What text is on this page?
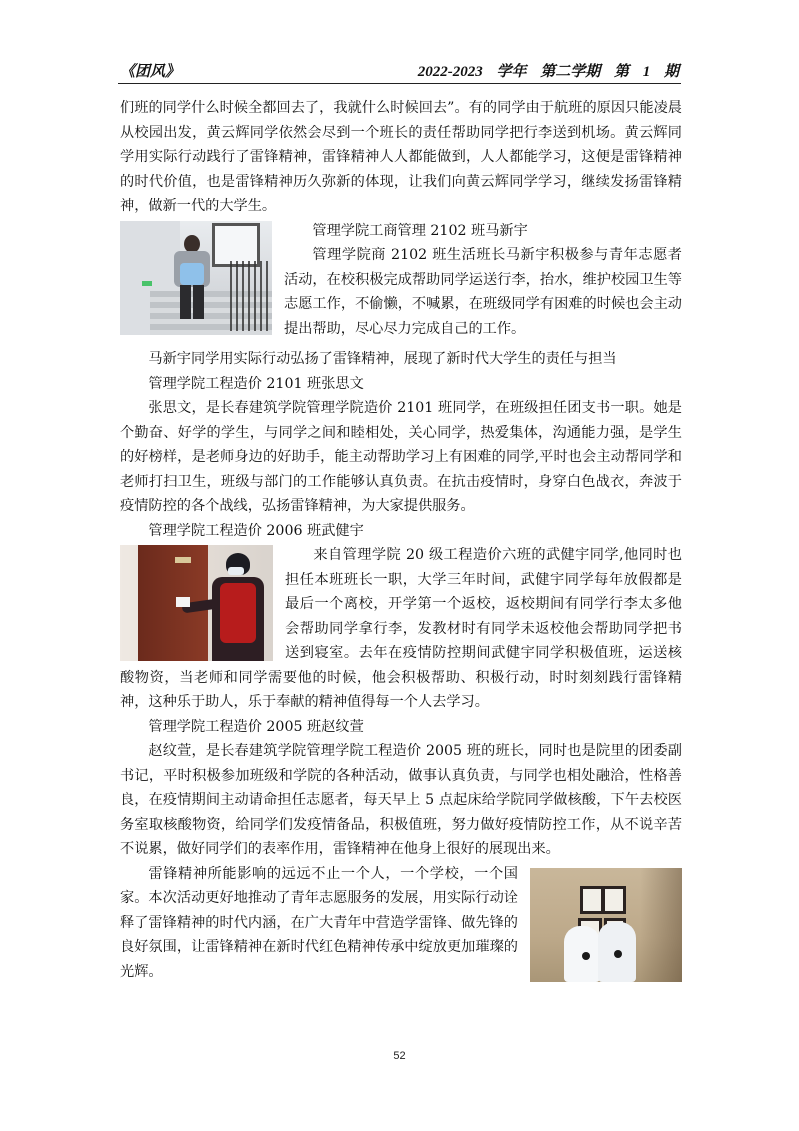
《团风》	2022-2023 学年 第二学期 第 1 期

们班的同学什么时候全都回去了，我就什么时候回去”。有的同学由于航班的原因只能凌晨从校园出发，黄云辉同学依然会尽到一个班长的责任帮助同学把行李送到机场。黄云辉同学用实际行动践行了雷锋精神，雷锋精神人人都能做到，人人都能学习，这便是雷锋精神的时代价值，也是雷锋精神历久弥新的体现，让我们向黄云辉同学学习，继续发扬雷锋精神，做新一代的大学生。

管理学院工商管理 2102 班马新宇

管理学院商 2102 班生活班长马新宇积极参与青年志愿者活动，在校积极完成帮助同学运送行李，抬水，维护校园卫生等志愿工作，不偷懒，不喊累，在班级同学有困难的时候也会主动提出帮助，尽心尽力完成自己的工作。

马新宇同学用实际行动弘扬了雷锋精神，展现了新时代大学生的责任与担当

管理学院工程造价 2101 班张思文

张思文，是长春建筑学院管理学院造价 2101 班同学，在班级担任团支书一职。她是个勤奋、好学的学生，与同学之间和睦相处，关心同学，热爱集体，沟通能力强，是学生的好榜样，是老师身边的好助手，能主动帮助学习上有困难的同学,平时也会主动帮同学和老师打扫卫生，班级与部门的工作能够认真负责。在抗击疫情时，身穿白色战衣，奔波于疫情防控的各个战线，弘扬雷锋精神，为大家提供服务。

管理学院工程造价 2006 班武健宇

来自管理学院 20 级工程造价六班的武健宇同学,他同时也担任本班班长一职，大学三年时间，武健宇同学每年放假都是最后一个离校，开学第一个返校，返校期间有同学行李太多他会帮助同学拿行李，发教材时有同学未返校他会帮助同学把书送到寝室。去年在疫情防控期间武健宇同学积极值班，运送核酸物资，当老师和同学需要他的时候，他会积极帮助、积极行动，时时刻刻践行雷锋精神，这种乐于助人，乐于奉献的精神值得每一个人去学习。

管理学院工程造价 2005 班赵纹萱

赵纹萱，是长春建筑学院管理学院工程造价 2005 班的班长，同时也是院里的团委副书记，平时积极参加班级和学院的各种活动，做事认真负责，与同学也相处融洽，性格善良，在疫情期间主动请命担任志愿者，每天早上 5 点起床给学院同学做核酸，下午去校医务室取核酸物资，给同学们发疫情备品，积极值班，努力做好疫情防控工作，从不说辛苦不说累，做好同学们的表率作用，雷锋精神在他身上很好的展现出来。

雷锋精神所能影响的远远不止一个人，一个学校，一个国家。本次活动更好地推动了青年志愿服务的发展，用实际行动诠释了雷锋精神的时代内涵，在广大青年中营造学雷锋、做先锋的良好氛围，让雷锋精神在新时代红色精神传承中绽放更加璀璨的光辉。

52
